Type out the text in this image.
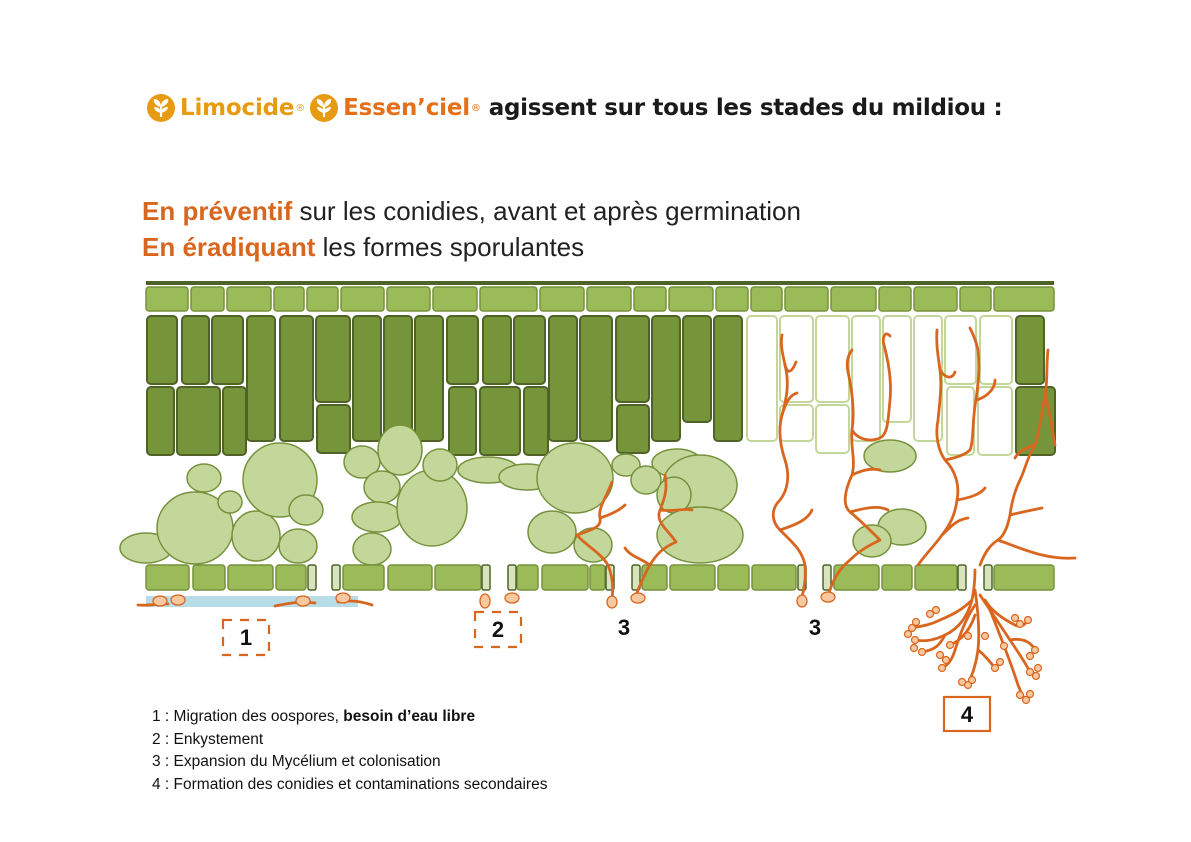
Limocide ® Essen’ciel ® agissent sur tous les stades du mildiou :
En préventif sur les conidies, avant et après germination
En éradiquant les formes sporulantes
1	2	3	3
4
1 : Migration des oospores, besoin d’eau libre
2 : Enkystement
3 : Expansion du Mycélium et colonisation
4 : Formation des conidies et contaminations secondaires
